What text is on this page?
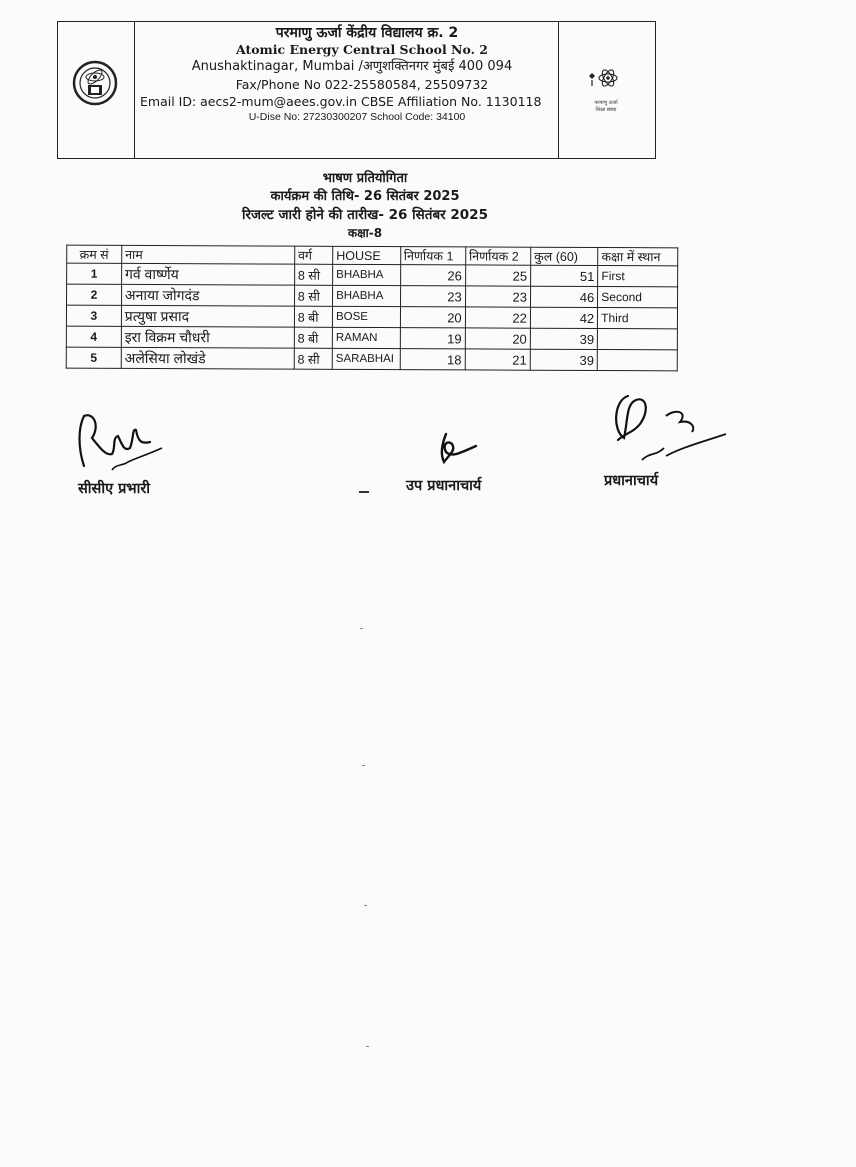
परमाणु ऊर्जा केंद्रीय विद्यालय क्र. 2
Atomic Energy Central School No. 2
Anushaktinagar, Mumbai /अणुशक्तिनगर मुंबई 400 094
Fax/Phone No 022-25580584, 25509732
Email ID: aecs2-mum@aees.gov.in CBSE Affiliation No. 1130118
U-Dise No: 27230300207 School Code: 34100
परमाणु ऊर्जा
शिक्षा संस्था
भाषण प्रतियोगिता
कार्यक्रम की तिथि- 26 सितंबर 2025
रिजल्ट जारी होने की तारीख- 26 सितंबर 2025
कक्षा-8
क्रम सं	नाम	वर्ग	HOUSE	निर्णायक 1	निर्णायक 2	कुल (60)	कक्षा में स्थान
1	गर्व वार्ष्णेय	8 सी	BHABHA	26	25	51	First
2	अनाया जोगदंड	8 सी	BHABHA	23	23	46	Second
3	प्रत्युषा प्रसाद	8 बी	BOSE	20	22	42	Third
4	इरा विक्रम चौधरी	8 बी	RAMAN	19	20	39	
5	अलेसिया लोखंडे	8 सी	SARABHAI	18	21	39	
सीसीए प्रभारी	उप प्रधानाचार्य	प्रधानाचार्य
